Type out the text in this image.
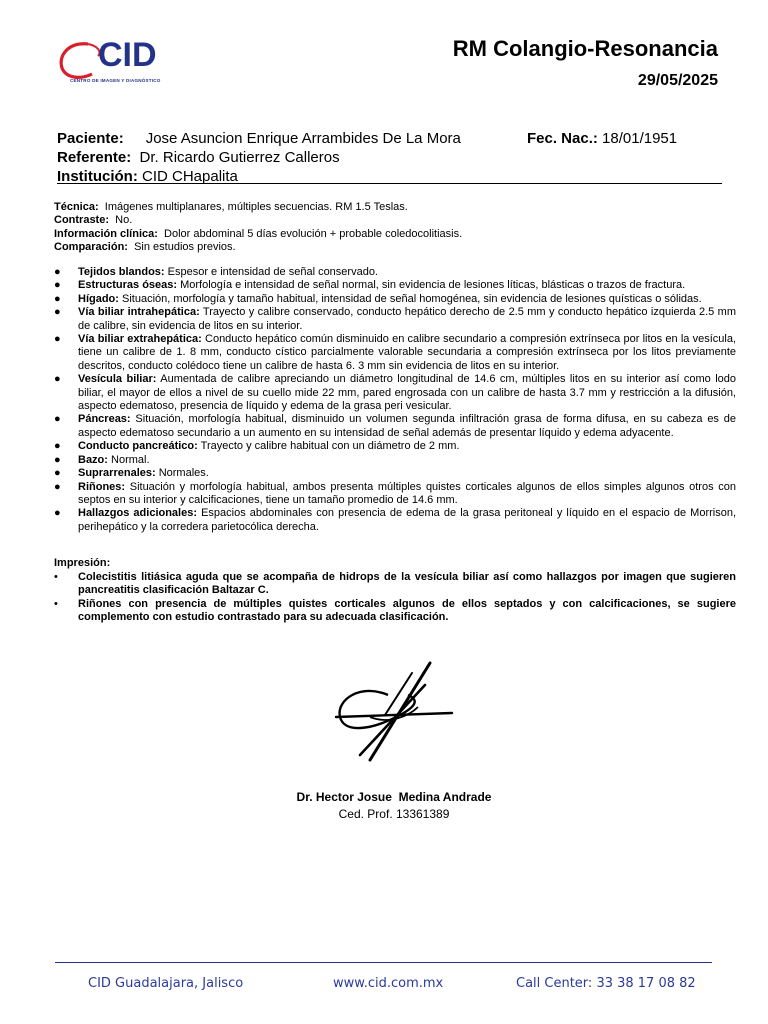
CID
CENTRO DE IMAGEN Y DIAGNÓSTICO
RM Colangio-Resonancia
29/05/2025
Paciente: Jose Asuncion Enrique Arrambides De La Mora	Fec. Nac.: 18/01/1951
Referente: Dr. Ricardo Gutierrez Calleros
Institución: CID CHapalita
Técnica: Imágenes multiplanares, múltiples secuencias. RM 1.5 Teslas.
Contraste: No.
Información clínica: Dolor abdominal 5 días evolución + probable coledocolitiasis.
Comparación: Sin estudios previos.
● Tejidos blandos: Espesor e intensidad de señal conservado.
● Estructuras óseas: Morfología e intensidad de señal normal, sin evidencia de lesiones líticas, blásticas o trazos de fractura.
● Hígado: Situación, morfología y tamaño habitual, intensidad de señal homogénea, sin evidencia de lesiones quísticas o sólidas.
● Vía biliar intrahepática: Trayecto y calibre conservado, conducto hepático derecho de 2.5 mm y conducto hepático izquierda 2.5 mm de calibre, sin evidencia de litos en su interior.
● Vía biliar extrahepática: Conducto hepático común disminuido en calibre secundario a compresión extrínseca por litos en la vesícula, tiene un calibre de 1. 8 mm, conducto cístico parcialmente valorable secundaria a compresión extrínseca por los litos previamente descritos, conducto colédoco tiene un calibre de hasta 6. 3 mm sin evidencia de litos en su interior.
● Vesícula biliar: Aumentada de calibre apreciando un diámetro longitudinal de 14.6 cm, múltiples litos en su interior así como lodo biliar, el mayor de ellos a nivel de su cuello mide 22 mm, pared engrosada con un calibre de hasta 3.7 mm y restricción a la difusión, aspecto edematoso, presencia de líquido y edema de la grasa peri vesicular.
● Páncreas: Situación, morfología habitual, disminuido un volumen segunda infiltración grasa de forma difusa, en su cabeza es de aspecto edematoso secundario a un aumento en su intensidad de señal además de presentar líquido y edema adyacente.
● Conducto pancreático: Trayecto y calibre habitual con un diámetro de 2 mm.
● Bazo: Normal.
● Suprarrenales: Normales.
● Riñones: Situación y morfología habitual, ambos presenta múltiples quistes corticales algunos de ellos simples algunos otros con septos en su interior y calcificaciones, tiene un tamaño promedio de 14.6 mm.
● Hallazgos adicionales: Espacios abdominales con presencia de edema de la grasa peritoneal y líquido en el espacio de Morrison, perihepático y la corredera parietocólica derecha.
Impresión:
• Colecistitis litiásica aguda que se acompaña de hidrops de la vesícula biliar así como hallazgos por imagen que sugieren pancreatitis clasificación Baltazar C.
• Riñones con presencia de múltiples quistes corticales algunos de ellos septados y con calcificaciones, se sugiere complemento con estudio contrastado para su adecuada clasificación.
Dr. Hector Josue  Medina Andrade
Ced. Prof. 13361389
CID Guadalajara, Jalisco	www.cid.com.mx	Call Center: 33 38 17 08 82
